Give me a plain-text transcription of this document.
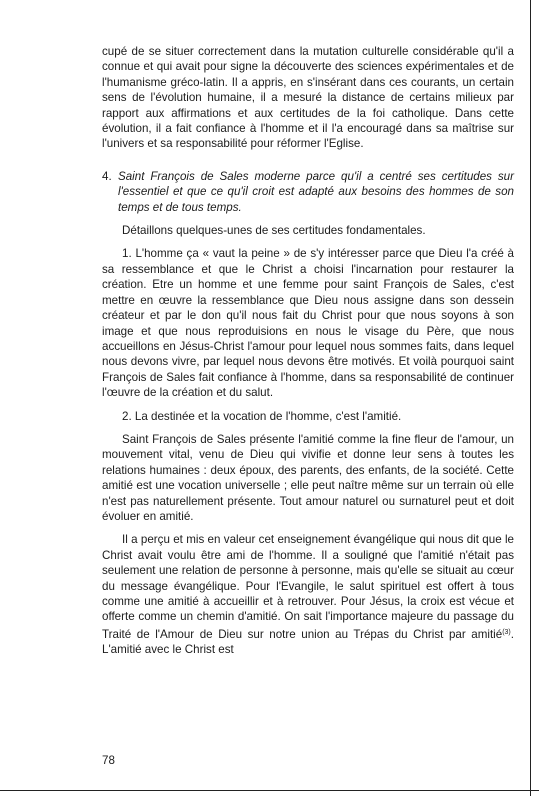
cupé de se situer correctement dans la mutation culturelle considérable qu'il a connue et qui avait pour signe la découverte des sciences expérimentales et de l'humanisme gréco-latin. Il a appris, en s'insérant dans ces courants, un certain sens de l'évolution humaine, il a mesuré la distance de certains milieux par rapport aux affirmations et aux certitudes de la foi catholique. Dans cette évolution, il a fait confiance à l'homme et il l'a encouragé dans sa maîtrise sur l'univers et sa responsabilité pour réformer l'Eglise.

4. Saint François de Sales moderne parce qu'il a centré ses certitudes sur l'essentiel et que ce qu'il croit est adapté aux besoins des hommes de son temps et de tous temps.

Détaillons quelques-unes de ses certitudes fondamentales.

1. L'homme ça « vaut la peine » de s'y intéresser parce que Dieu l'a créé à sa ressemblance et que le Christ a choisi l'incarnation pour restaurer la création. Etre un homme et une femme pour saint François de Sales, c'est mettre en œuvre la ressemblance que Dieu nous assigne dans son dessein créateur et par le don qu'il nous fait du Christ pour que nous soyons à son image et que nous reproduisions en nous le visage du Père, que nous accueillons en Jésus-Christ l'amour pour lequel nous sommes faits, dans lequel nous devons vivre, par lequel nous devons être motivés. Et voilà pourquoi saint François de Sales fait confiance à l'homme, dans sa responsabilité de continuer l'œuvre de la création et du salut.

2. La destinée et la vocation de l'homme, c'est l'amitié.

Saint François de Sales présente l'amitié comme la fine fleur de l'amour, un mouvement vital, venu de Dieu qui vivifie et donne leur sens à toutes les relations humaines : deux époux, des parents, des enfants, de la société. Cette amitié est une vocation universelle ; elle peut naître même sur un terrain où elle n'est pas naturellement présente. Tout amour naturel ou surnaturel peut et doit évoluer en amitié.

Il a perçu et mis en valeur cet enseignement évangélique qui nous dit que le Christ avait voulu être ami de l'homme. Il a souligné que l'amitié n'était pas seulement une relation de personne à personne, mais qu'elle se situait au cœur du message évangélique. Pour l'Evangile, le salut spirituel est offert à tous comme une amitié à accueillir et à retrouver. Pour Jésus, la croix est vécue et offerte comme un chemin d'amitié. On sait l'importance majeure du passage du Traité de l'Amour de Dieu sur notre union au Trépas du Christ par amitié$^{(3)}$. L'amitié avec le Christ est

78
